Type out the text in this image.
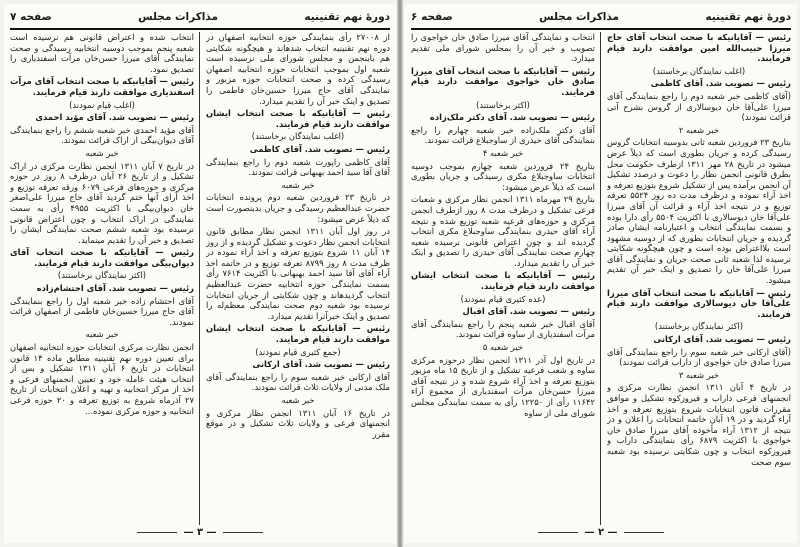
دورهٔ نهم تقنینیه
مذاکرات مجلس
صفحه ۷

از ۲۷۰۰۸ رأی بنمایندگی حوزه انتخابیه اصفهان در دوره نهم تقنینیه انتخاب شدهاند و هیچگونه شکایتی هم باینجمن و مجلس شورای ملی نرسیده است شعبه اول بموجب انتخابات حوزه انتخابیه اصفهان رسیدگی کرده و صحت انتخابات حوزه مزبور و نمایندگی آقای حاج میرزا حسین‌خان فاطمی را تصدیق و اینک خبر آن را تقدیم میدارد.

رئیس — آقایانیکه با صحت انتخاب ایشان موافقت دارند قیام فرمایند.

(اغلب نمایندگان برخاستند)

رئیس — تصویب شد. آقای کاظمی

آقای کاظمی راپورت شعبه دوم را راجع بنمایندگی آقای آقا سید احمد بهبهانی قرائت نمودند.

خبر شعبه

در تاریخ ۲۳ فروردین شعبه دوم پرونده انتخابات حضرت عبدالعظیم رسیدگی و جریان بدینصورت است که ذیلاً عرض میشود:

در روز اول آبان ۱۳۱۱ انجمن نظار مطابق قانون انتخابات انجمن نظار دعوت و تشکیل گردیده و از روز ۱۴ آبان ۱۱ شروع بتوزیع تعرفه و اخذ آراء نموده در ظرف مدت ۸ روز ۸۷۹۹ تعرفه توزیع و در خاتمه اخذ آراء آقای آقا سید احمد بهبهانی با اکثریت ۷۶۱۴ رأی بسمت نمایندگی حوزه انتخابیه حضرت عبدالعظیم انتخاب گردیدهاند و چون شکایتی از جریان انتخابات نرسیده بود شعبه دوم صحت نمایندگی معظم‌له را تصدیق و اینک خبرآنرا تقدیم میدارد.

رئیس — آقایانیکه با صحت انتخاب ایشان موافقت دارند قیام فرمایند.

(جمع کثیری قیام نمودند)

رئیس — تصویب شد. آقای ارکانی

آقای ارکانی خبر شعبه سوم را راجع بنمایندگی آقای ملک مدنی از ولایات ثلاث قرائت نمودند.

خبر شعبه

در تاریخ ۱۶ آبان ۱۳۱۱ انجمن نظار مرکزی و انجمنهای فرعی و ولایات ثلاث تشکیل و در موقع مقرر

انتخاب شده و اعتراض قانونی هم نرسیده است شعبه پنجم بموجب دوسیه انتخابیه رسیدگی و صحت نمایندگی آقای میرزا حسن‌خان مرآت اسفندیاری را تصدیق نمود.

رئیس — آقایانیکه با صحت انتخاب آقای مرآت اسفندیاری موافقت دارند قیام فرمایند.

(اغلب قیام نمودند)

رئیس — تصویب شد. آقای مؤید احمدی

آقای مؤید احمدی خبر شعبه ششم را راجع بنمایندگی آقای دیوان‌بیگی از اراک قرائت نمودند.

خبر شعبه

در تاریخ ۷ آبان ۱۳۱۱ انجمن نظارت مرکزی در اراک تشکیل و از تاریخ ۲۶ آبان درظرف ۸ روز در حوزه مرکزی و حوزه‌های فرعی ۶۰۷۹ ورقه تعرفه توزیع و اخذ آرای آنها ختم گردید آقای حاج میرزا علی‌اصغر خان دیوان‌بیگی با اکثریت ۴۹۵۵ رأی به سمت نمایندگی در اراک انتخاب و چون اعتراض قانونی نرسیده بود شعبه ششم صحت نمایندگی ایشان را تصدیق و خبر آن را تقدیم مینماید.

رئیس — آقایانیکه با صحت انتخاب آقای دیوان‌بیگی موافقت دارند قیام فرمایند.

(اکثر نمایندگان برخاستند)

رئیس — تصویب شد. آقای احتشام‌زاده

آقای احتشام زاده خبر شعبه اول را راجع بنمایندگی آقای حاج میرزا حسین‌خان فاطمی از اصفهان قرائت نمودند.

خبر شعبه

انجمن نظارت مرکزی انتخابات حوزه انتخابیه اصفهان برای تعیین دوره نهم تقنینیه مطابق ماده ۱۴ قانون انتخابات در تاریخ ۶ آبان ۱۳۱۱ تشکیل و بس از انتخاب هیئت عامله خود و تعیین انجمنهای فرعی و اخذ از مرکز انتخابیه و تهیه و اعلان انتخابات از تاریخ ۲۷ آذرماه شروع به توزیع تعرفه و ۲۰ حوزه فرعی انتخابیه و حوزه مرکزی نموده...

— ۳ —
دورهٔ نهم تقنینیه
مذاکرات مجلس
صفحه ۶

رئیس — آقایانیکه با صحت انتخاب آقای حاج میرزا حبیب‌الله امین موافقت دارند قیام فرمایند.

(اغلب نمایندگان برخاستند)

رئیس — تصویب شد. آقای کاظمی

(آقای کاظمی خبر شعبه دوم را راجع بنمایندگی آقای میرزا علی‌آقا خان دیوسالاری از گروس بشرح آتی قرائت نمودند)

خبر شعبه ۲

بتاریخ ۲۳ فروردین شعبه ثانی بدوسیه انتخابات گروس رسیدگی کرده و جریان بطوری است که ذیلاً عرض میشود در تاریخ ۲۸ مهر ۱۳۱۱ ازطرف حکومت محل بطرق قانونی انجمن نظار را دعوت و درصدد تشکیل آن انجمن برآمده پس از تشکیل شروع بتوزیع تعرفه و اخذ آراء نموده و درظرف مدت ده روز ۵۵۲۴ تعرفه توزیع و در نتیجه اخذ آراء و قرائت آن آقای میرزا علی‌آقا خان دیوسالاری با اکثریت ۵۵۰۴ رأی دارا بوده و بسمت نمایندگی انتخاب و اعتبارنامه ایشان صادر گردیده و جریان انتخابات بطوری که از دوسیه مشهود است بلااعتراض بوده است و چون هیچگونه شکایتی نرسیده لذا شعبه ثانی صحت جریان و نمایندگی آقای میرزا علی‌آقا خان را تصدیق و اینک خبر آن تقدیم میشود.

رئیس — آقایانیکه با صحت انتخاب آقای میرزا علی‌آقا خان دیوسالاری موافقت دارند قیام فرمایند.

(اکثر نمایندگان برخاستند)

رئیس — تصویب شد. آقای ارکانی

(آقای ارکانی خبر شعبه سوم را راجع بنمایندگی آقای میرزا صادق خان خواجوی از داراب قرائت نمودند)

خبر شعبه ۳

در تاریخ ۴ آبان ۱۳۱۱ انجمن نظارت مرکزی و انجمنهای فرعی داراب و فیروزکوه تشکیل و موافق مقررات قانون انتخابات شروع بتوزیع تعرفه و اخذ آراء گردید و در ۱۹ آبان خاتمه انتخابات را اعلان و در نتیجه از ۱۳۱۲ آراء مأخوذه آقای میرزا صادق خان خواجوی با اکثریت ۶۸۷۹ رأی بنمایندگی داراب و فیروزکوه انتخاب و چون شکایتی نرسیده بود شعبه سوم صحت

انتخاب و نمایندگی آقای میرزا صادق خان خواجوی را تصویب و خبر آن را بمجلس شورای ملی تقدیم میدارد.

رئیس — آقایانیکه با صحت انتخاب آقای میرزا صادق خان خواجوی موافقت دارند قیام فرمایند.

(اکثر برخاستند)

رئیس — تصویب شد. آقای دکتر ملک‌زاده

آقای دکتر ملک‌زاده خبر شعبه چهارم را راجع بنمایندگی آقای حیدری از ساوجبلاغ قرائت نمودند.

خبر شعبه ۴

بتاریخ ۲۴ فروردین شعبه چهارم بموجب دوسیه انتخابات ساوجبلاغ مکری رسیدگی و جریان بطوری است که ذیلاً عرض میشود:

بتاریخ ۲۹ مهرماه ۱۳۱۱ انجمن نظار مرکزی و شعبات فرعی تشکیل و درظرف مدت ۸ روز ازطرف انجمن مرکزی و حوزه‌های فرعیه شعبه توزیع شده و نتیجه آراء آقای حیدری بنمایندگی ساوجبلاغ مکری انتخاب گردیده اند و چون اعتراض قانونی نرسیده شعبه چهارم صحت نمایندگی آقای حیدری را تصدیق و اینک خبر آن را تقدیم میدارد.

رئیس — آقایانیکه با صحت انتخاب ایشان موافقت دارند قیام فرمایند.

(عده کثیری قیام نمودند)

رئیس — تصویب شد. آقای اقبال

آقای اقبال خبر شعبه پنجم را راجع بنمایندگی آقای مرآت اسفندیاری از ساوه قرائت نمودند.

خبر شعبه ۵

در تاریخ اول آذر ۱۳۱۱ انجمن نظار درحوزه مرکزی ساوه و شعب فرعیه تشکیل و از تاریخ ۱۵ ماه مزبور بتوزیع تعرفه و اخذ آراء شروع شده و در نتیجه آقای میرزا حسن‌خان مرآت اسفندیاری از مجموع آراء ۱۱۶۴۲ رأی از ۱۲۲۵۰ رأی به سمت نمایندگی مجلس شورای ملی از ساوه

— ۲ —
